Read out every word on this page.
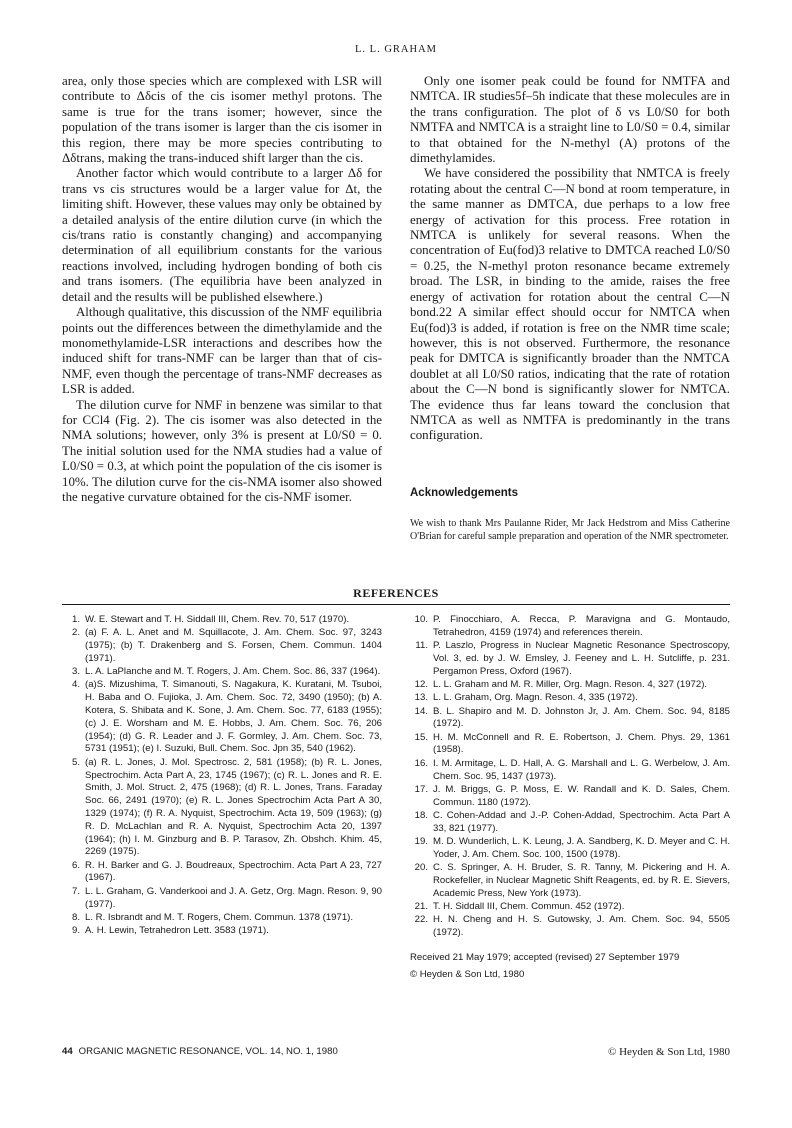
L. L. GRAHAM

area, only those species which are complexed with LSR will contribute to Δδcis of the cis isomer methyl protons. The same is true for the trans isomer; however, since the population of the trans isomer is larger than the cis isomer in this region, there may be more species contributing to Δδtrans, making the trans-induced shift larger than the cis.

Another factor which would contribute to a larger Δδ for trans vs cis structures would be a larger value for Δt, the limiting shift. However, these values may only be obtained by a detailed analysis of the entire dilution curve (in which the cis/trans ratio is constantly changing) and accompanying determination of all equilibrium constants for the various reactions involved, including hydrogen bonding of both cis and trans isomers. (The equilibria have been analyzed in detail and the results will be published elsewhere.)

Although qualitative, this discussion of the NMF equilibria points out the differences between the dimethylamide and the monomethylamide-LSR interactions and describes how the induced shift for trans-NMF can be larger than that of cis-NMF, even though the percentage of trans-NMF decreases as LSR is added.

The dilution curve for NMF in benzene was similar to that for CCl4 (Fig. 2). The cis isomer was also detected in the NMA solutions; however, only 3% is present at L0/S0 = 0. The initial solution used for the NMA studies had a value of L0/S0 = 0.3, at which point the population of the cis isomer is 10%. The dilution curve for the cis-NMA isomer also showed the negative curvature obtained for the cis-NMF isomer.

Only one isomer peak could be found for NMTFA and NMTCA. IR studies5f–5h indicate that these molecules are in the trans configuration. The plot of δ vs L0/S0 for both NMTFA and NMTCA is a straight line to L0/S0 = 0.4, similar to that obtained for the N-methyl (A) protons of the dimethylamides.

We have considered the possibility that NMTCA is freely rotating about the central C—N bond at room temperature, in the same manner as DMTCA, due perhaps to a low free energy of activation for this process. Free rotation in NMTCA is unlikely for several reasons. When the concentration of Eu(fod)3 relative to DMTCA reached L0/S0 = 0.25, the N-methyl proton resonance became extremely broad. The LSR, in binding to the amide, raises the free energy of activation for rotation about the central C—N bond.22 A similar effect should occur for NMTCA when Eu(fod)3 is added, if rotation is free on the NMR time scale; however, this is not observed. Furthermore, the resonance peak for DMTCA is significantly broader than the NMTCA doublet at all L0/S0 ratios, indicating that the rate of rotation about the C—N bond is significantly slower for NMTCA. The evidence thus far leans toward the conclusion that NMTCA as well as NMTFA is predominantly in the trans configuration.

Acknowledgements

We wish to thank Mrs Paulanne Rider, Mr Jack Hedstrom and Miss Catherine O'Brian for careful sample preparation and operation of the NMR spectrometer.

REFERENCES
1. W. E. Stewart and T. H. Siddall III, Chem. Rev. 70, 517 (1970).
2. (a) F. A. L. Anet and M. Squillacote, J. Am. Chem. Soc. 97, 3243 (1975); (b) T. Drakenberg and S. Forsen, Chem. Commun. 1404 (1971).
3. L. A. LaPlanche and M. T. Rogers, J. Am. Chem. Soc. 86, 337 (1964).
4. (a)S. Mizushima, T. Simanouti, S. Nagakura, K. Kuratani, M. Tsuboi, H. Baba and O. Fujioka, J. Am. Chem. Soc. 72, 3490 (1950); (b) A. Kotera, S. Shibata and K. Sone, J. Am. Chem. Soc. 77, 6183 (1955); (c) J. E. Worsham and M. E. Hobbs, J. Am. Chem. Soc. 76, 206 (1954); (d) G. R. Leader and J. F. Gormley, J. Am. Chem. Soc. 73, 5731 (1951); (e) I. Suzuki, Bull. Chem. Soc. Jpn 35, 540 (1962).
5. (a) R. L. Jones, J. Mol. Spectrosc. 2, 581 (1958); (b) R. L. Jones, Spectrochim. Acta Part A, 23, 1745 (1967); (c) R. L. Jones and R. E. Smith, J. Mol. Struct. 2, 475 (1968); (d) R. L. Jones, Trans. Faraday Soc. 66, 2491 (1970); (e) R. L. Jones Spectrochim Acta Part A 30, 1329 (1974); (f) R. A. Nyquist, Spectrochim. Acta 19, 509 (1963); (g) R. D. McLachlan and R. A. Nyquist, Spectrochim Acta 20, 1397 (1964); (h) I. M. Ginzburg and B. P. Tarasov, Zh. Obshch. Khim. 45, 2269 (1975).
6. R. H. Barker and G. J. Boudreaux, Spectrochim. Acta Part A 23, 727 (1967).
7. L. L. Graham, G. Vanderkooi and J. A. Getz, Org. Magn. Reson. 9, 90 (1977).
8. L. R. Isbrandt and M. T. Rogers, Chem. Commun. 1378 (1971).
9. A. H. Lewin, Tetrahedron Lett. 3583 (1971).
10. P. Finocchiaro, A. Recca, P. Maravigna and G. Montaudo, Tetrahedron, 4159 (1974) and references therein.
11. P. Laszlo, Progress in Nuclear Magnetic Resonance Spectroscopy, Vol. 3, ed. by J. W. Emsley, J. Feeney and L. H. Sutcliffe, p. 231. Pergamon Press, Oxford (1967).
12. L. L. Graham and M. R. Miller, Org. Magn. Reson. 4, 327 (1972).
13. L. L. Graham, Org. Magn. Reson. 4, 335 (1972).
14. B. L. Shapiro and M. D. Johnston Jr, J. Am. Chem. Soc. 94, 8185 (1972).
15. H. M. McConnell and R. E. Robertson, J. Chem. Phys. 29, 1361 (1958).
16. I. M. Armitage, L. D. Hall, A. G. Marshall and L. G. Werbelow, J. Am. Chem. Soc. 95, 1437 (1973).
17. J. M. Briggs, G. P. Moss, E. W. Randall and K. D. Sales, Chem. Commun. 1180 (1972).
18. C. Cohen-Addad and J.-P. Cohen-Addad, Spectrochim. Acta Part A 33, 821 (1977).
19. M. D. Wunderlich, L. K. Leung, J. A. Sandberg, K. D. Meyer and C. H. Yoder, J. Am. Chem. Soc. 100, 1500 (1978).
20. C. S. Springer, A. H. Bruder, S. R. Tanny, M. Pickering and H. A. Rockefeller, in Nuclear Magnetic Shift Reagents, ed. by R. E. Sievers, Academic Press, New York (1973).
21. T. H. Siddall III, Chem. Commun. 452 (1972).
22. H. N. Cheng and H. S. Gutowsky, J. Am. Chem. Soc. 94, 5505 (1972).
Received 21 May 1979; accepted (revised) 27 September 1979
© Heyden & Son Ltd, 1980
44 ORGANIC MAGNETIC RESONANCE, VOL. 14, NO. 1, 1980	© Heyden & Son Ltd, 1980
